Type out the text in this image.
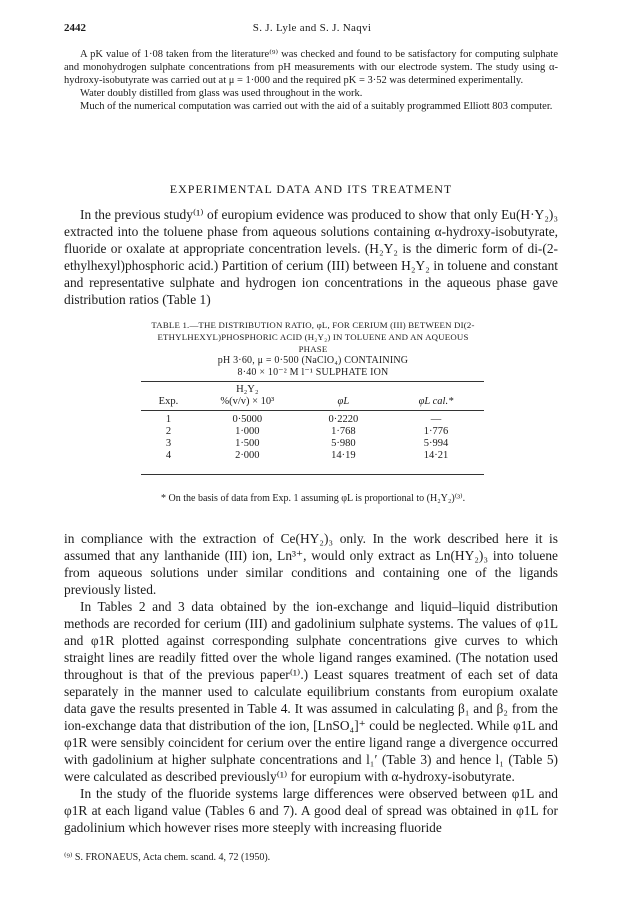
2442	S. J. Lyle and S. J. Naqvi

A pK value of 1·08 taken from the literature⁽⁹⁾ was checked and found to be satisfactory for computing sulphate and monohydrogen sulphate concentrations from pH measurements with our electrode system. The study using α-hydroxy-isobutyrate was carried out at μ = 1·000 and the required pK = 3·52 was determined experimentally.

Water doubly distilled from glass was used throughout in the work.

Much of the numerical computation was carried out with the aid of a suitably programmed Elliott 803 computer.

EXPERIMENTAL DATA AND ITS TREATMENT

In the previous study⁽¹⁾ of europium evidence was produced to show that only Eu(H·Y₂)₃ extracted into the toluene phase from aqueous solutions containing α-hydroxy-isobutyrate, fluoride or oxalate at appropriate concentration levels. (H₂Y₂ is the dimeric form of di-(2-ethylhexyl)phosphoric acid.) Partition of cerium (III) between H₂Y₂ in toluene and constant and representative sulphate and hydrogen ion concentrations in the aqueous phase gave distribution ratios (Table 1)

TABLE 1.—THE DISTRIBUTION RATIO, φL, FOR CERIUM (III) BETWEEN DI(2-ETHYLHEXYL)PHOSPHORIC ACID (H₂Y₂) IN TOLUENE AND AN AQUEOUS PHASE
pH 3·60, μ = 0·500 (NaClO₄) CONTAINING
8·40 × 10⁻² M l⁻¹ SULPHATE ION
	H₂Y₂		
Exp.	%(v/v) × 10³	φL	φL cal.*

1	0·5000	0·2220	—
2	1·000	1·768	1·776
3	1·500	5·980	5·994
4	2·000	14·19	14·21
* On the basis of data from Exp. 1 assuming φL is proportional to (H₂Y₂)⁽³⁾.

in compliance with the extraction of Ce(HY₂)₃ only. In the work described here it is assumed that any lanthanide (III) ion, Ln³⁺, would only extract as Ln(HY₂)₃ into toluene from aqueous solutions under similar conditions and containing one of the ligands previously listed.

In Tables 2 and 3 data obtained by the ion-exchange and liquid–liquid distribution methods are recorded for cerium (III) and gadolinium sulphate systems. The values of φ1L and φ1R plotted against corresponding sulphate concentrations give curves to which straight lines are readily fitted over the whole ligand ranges examined. (The notation used throughout is that of the previous paper⁽¹⁾.) Least squares treatment of each set of data separately in the manner used to calculate equilibrium constants from europium oxalate data gave the results presented in Table 4. It was assumed in calculating β₁ and β₂ from the ion-exchange data that distribution of the ion, [LnSO₄]⁺ could be neglected. While φ1L and φ1R were sensibly coincident for cerium over the entire ligand range a divergence occurred with gadolinium at higher sulphate concentrations and l₁′ (Table 3) and hence l₁ (Table 5) were calculated as described previously⁽¹⁾ for europium with α-hydroxy-isobutyrate.

In the study of the fluoride systems large differences were observed between φ1L and φ1R at each ligand value (Tables 6 and 7). A good deal of spread was obtained in φ1L for gadolinium which however rises more steeply with increasing fluoride

⁽⁹⁾ S. FRONAEUS, Acta chem. scand. 4, 72 (1950).
